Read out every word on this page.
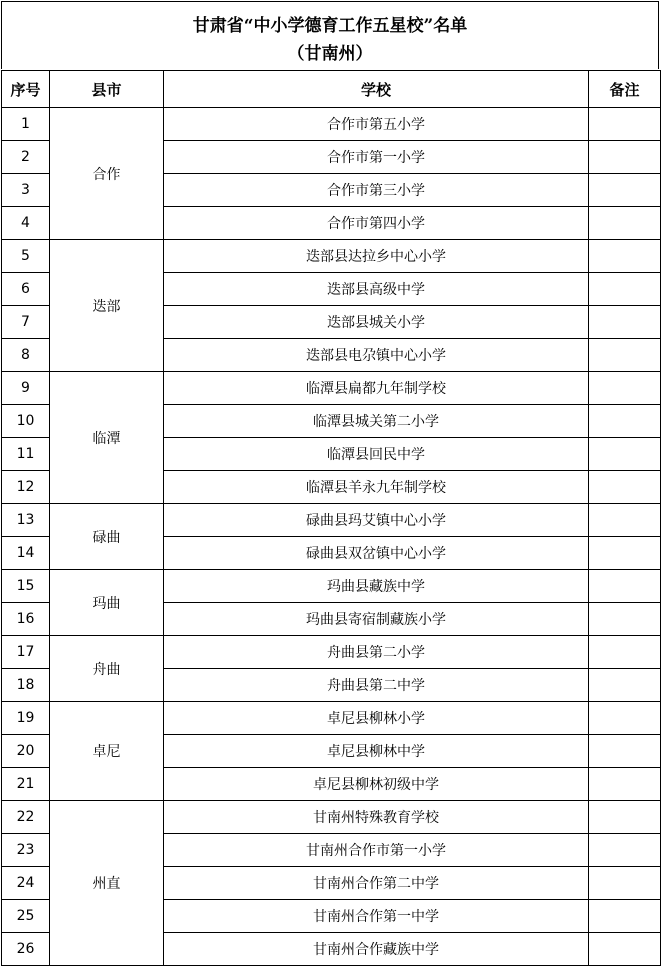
甘肃省“中小学德育工作五星校”名单
（甘南州）
序号	县市	学校	备注
1	合作	合作市第五小学	
2		合作市第一小学	
3		合作市第三小学	
4		合作市第四小学	
5	迭部	迭部县达拉乡中心小学	
6		迭部县高级中学	
7		迭部县城关小学	
8		迭部县电尕镇中心小学	
9	临潭	临潭县扁都九年制学校	
10		临潭县城关第二小学	
11		临潭县回民中学	
12		临潭县羊永九年制学校	
13	碌曲	碌曲县玛艾镇中心小学	
14		碌曲县双岔镇中心小学	
15	玛曲	玛曲县藏族中学	
16		玛曲县寄宿制藏族小学	
17	舟曲	舟曲县第二小学	
18		舟曲县第二中学	
19	卓尼	卓尼县柳林小学	
20		卓尼县柳林中学	
21		卓尼县柳林初级中学	
22	州直	甘南州特殊教育学校	
23		甘南州合作市第一小学	
24		甘南州合作第二中学	
25		甘南州合作第一中学	
26		甘南州合作藏族中学	
